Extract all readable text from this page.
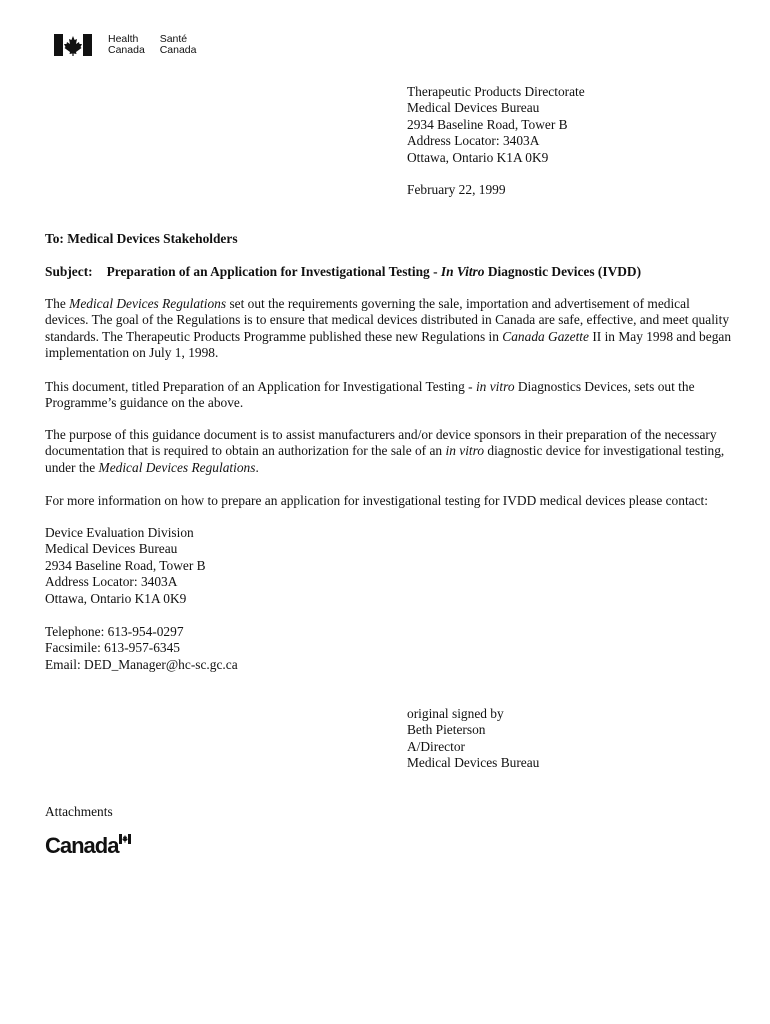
Health
Canada

Santé
Canada
Therapeutic Products Directorate
Medical Devices Bureau
2934 Baseline Road, Tower B
Address Locator: 3403A
Ottawa, Ontario K1A 0K9
February 22, 1999
To: Medical Devices Stakeholders
Subject: Preparation of an Application for Investigational Testing - In Vitro Diagnostic Devices (IVDD)
The Medical Devices Regulations set out the requirements governing the sale, importation and advertisement of medical devices. The goal of the Regulations is to ensure that medical devices distributed in Canada are safe, effective, and meet quality standards. The Therapeutic Products Programme published these new Regulations in Canada Gazette II in May 1998 and began implementation on July 1, 1998.
This document, titled Preparation of an Application for Investigational Testing - in vitro Diagnostics Devices, sets out the Programme’s guidance on the above.
The purpose of this guidance document is to assist manufacturers and/or device sponsors in their preparation of the necessary documentation that is required to obtain an authorization for the sale of an in vitro diagnostic device for investigational testing, under the Medical Devices Regulations.
For more information on how to prepare an application for investigational testing for IVDD medical devices please contact:
Device Evaluation Division
Medical Devices Bureau
2934 Baseline Road, Tower B
Address Locator: 3403A
Ottawa, Ontario K1A 0K9
Telephone: 613-954-0297
Facsimile: 613-957-6345
Email: DED_Manager@hc-sc.gc.ca
original signed by
Beth Pieterson
A/Director
Medical Devices Bureau
Attachments
Canada
